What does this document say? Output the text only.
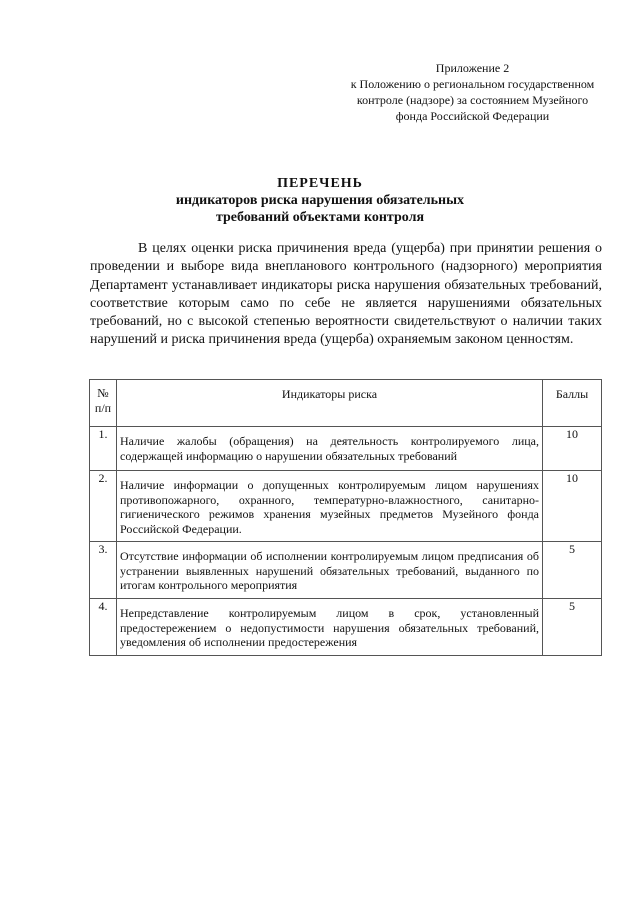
Приложение 2
к Положению о региональном государственном
контроле (надзоре) за состоянием Музейного
фонда Российской Федерации
ПЕРЕЧЕНЬ
индикаторов риска нарушения обязательных
требований объектами контроля

В целях оценки риска причинения вреда (ущерба) при принятии решения о проведении и выборе вида внепланового контрольного (надзорного) мероприятия Департамент устанавливает индикаторы риска нарушения обязательных требований, соответствие которым само по себе не является нарушениями обязательных требований, но с высокой степенью вероятности свидетельствуют о наличии таких нарушений и риска причинения вреда (ущерба) охраняемым законом ценностям.

№
п/п	Индикаторы риска	Баллы
1.	Наличие жалобы (обращения) на деятельность контролируемого лица, содержащей информацию о нарушении обязательных требований	10
2.	Наличие информации о допущенных контролируемым лицом нарушениях противопожарного, охранного, температурно-влажностного, санитарно-гигиенического режимов хранения музейных предметов Музейного фонда Российской Федерации.	10
3.	Отсутствие информации об исполнении контролируемым лицом предписания об устранении выявленных нарушений обязательных требований, выданного по итогам контрольного мероприятия	5
4.	Непредставление контролируемым лицом в срок, установленный предостережением о недопустимости нарушения обязательных требований, уведомления об исполнении предостережения	5
